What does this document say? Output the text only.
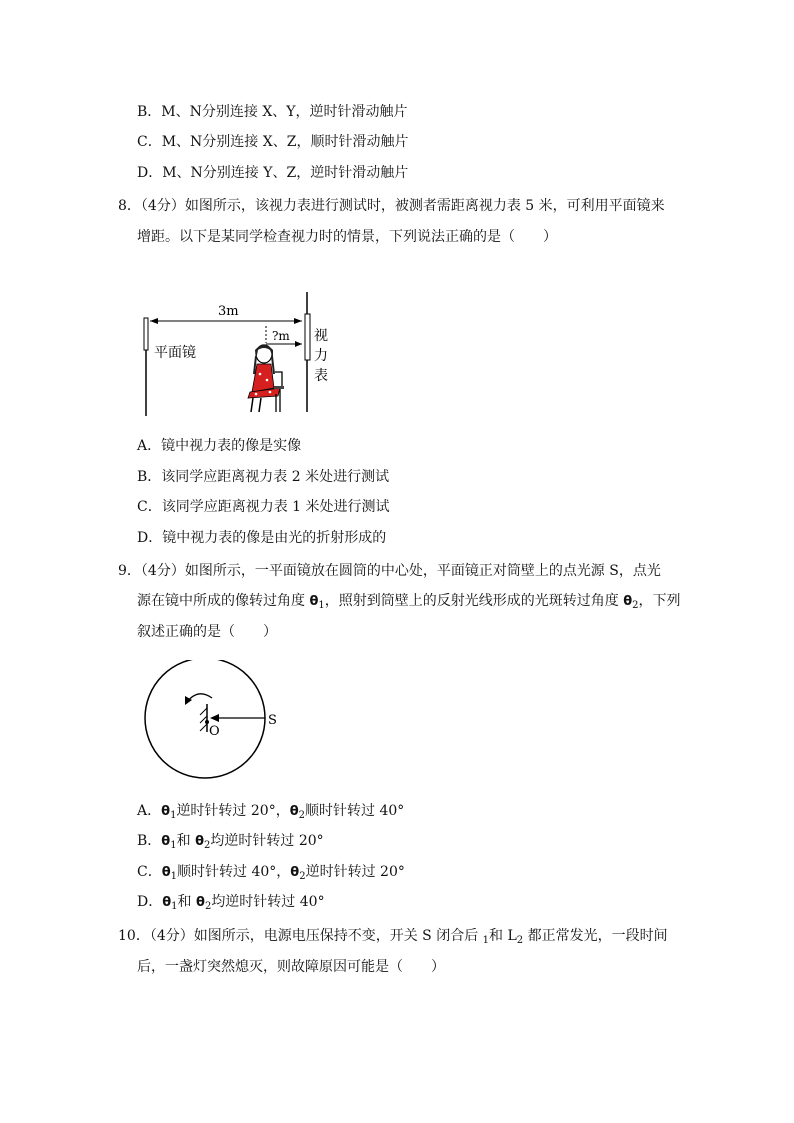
B．M、N分别连接 X、Y，逆时针滑动触片
C．M、N分别连接 X、Z，顺时针滑动触片
D．M、N分别连接 Y、Z，逆时针滑动触片
8．（4分）如图所示，该视力表进行测试时，被测者需距离视力表 5 米，可利用平面镜来
增距。以下是某同学检查视力时的情景，下列说法正确的是（　　）
3m
?m
平面镜
视
力
表
A．镜中视力表的像是实像
B．该同学应距离视力表 2 米处进行测试
C．该同学应距离视力表 1 米处进行测试
D．镜中视力表的像是由光的折射形成的
9．（4分）如图所示，一平面镜放在圆筒的中心处，平面镜正对筒壁上的点光源 S，点光
源在镜中所成的像转过角度 $\theta_1$，照射到筒壁上的反射光线形成的光斑转过角度 $\theta_2$，下列
叙述正确的是（　　）
O
S
A．$\theta_1$逆时针转过 20°，$\theta_2$顺时针转过 40°
B．$\theta_1$和 $\theta_2$均逆时针转过 20°
C．$\theta_1$顺时针转过 40°，$\theta_2$逆时针转过 20°
D．$\theta_1$和 $\theta_2$均逆时针转过 40°
10．（4分）如图所示，电源电压保持不变，开关 S 闭合后 $_1$和 $L_2$ 都正常发光，一段时间
后，一盏灯突然熄灭，则故障原因可能是（　　）
